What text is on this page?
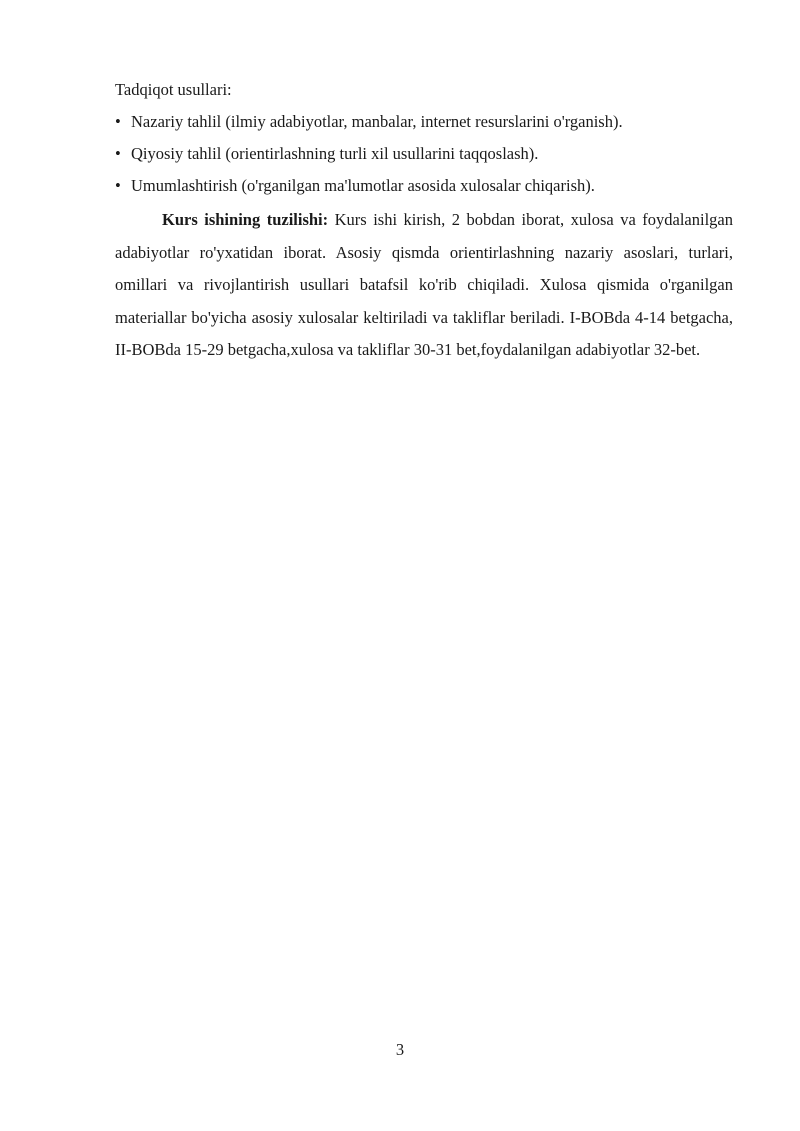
Tadqiqot usullari:
• Nazariy tahlil (ilmiy adabiyotlar, manbalar, internet resurslarini o'rganish).
• Qiyosiy tahlil (orientirlashning turli xil usullarini taqqoslash).
• Umumlashtirish (o'rganilgan ma'lumotlar asosida xulosalar chiqarish).

Kurs ishining tuzilishi: Kurs ishi kirish, 2 bobdan iborat, xulosa va foydalanilgan adabiyotlar ro'yxatidan iborat. Asosiy qismda orientirlashning nazariy asoslari, turlari, omillari va rivojlantirish usullari batafsil ko'rib chiqiladi. Xulosa qismida o'rganilgan materiallar bo'yicha asosiy xulosalar keltiriladi va takliflar beriladi. I-BOBda 4-14 betgacha, II-BOBda 15-29 betgacha,xulosa va takliflar 30-31 bet,foydalanilgan adabiyotlar 32-bet.

3
